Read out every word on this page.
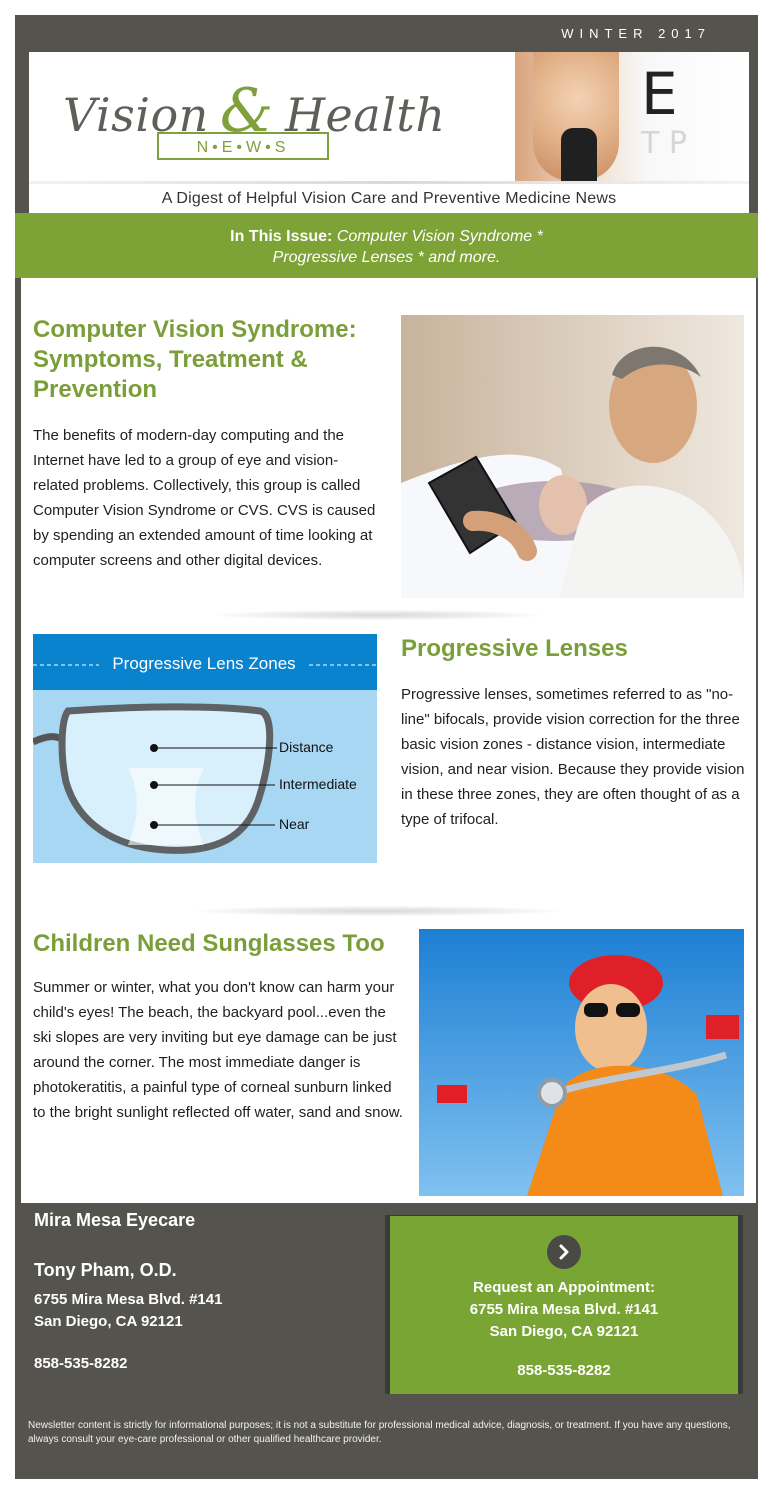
WINTER 2017
Vision & Health
N•E•W•S
E
T P
A Digest of Helpful Vision Care and Preventive Medicine News
In This Issue: Computer Vision Syndrome *
Progressive Lenses * and more.
Computer Vision Syndrome: Symptoms, Treatment & Prevention

The benefits of modern-day computing and the Internet have led to a group of eye and vision-related problems. Collectively, this group is called Computer Vision Syndrome or CVS. CVS is caused by spending an extended amount of time looking at computer screens and other digital devices.

Progressive Lens Zones
Distance
Intermediate
Near
Progressive Lenses

Progressive lenses, sometimes referred to as "no-line" bifocals, provide vision correction for the three basic vision zones - distance vision, intermediate vision, and near vision. Because they provide vision in these three zones, they are often thought of as a type of trifocal.

Children Need Sunglasses Too

Summer or winter, what you don't know can harm your child's eyes! The beach, the backyard pool...even the ski slopes are very inviting but eye damage can be just around the corner. The most immediate danger is photokeratitis, a painful type of corneal sunburn linked to the bright sunlight reflected off water, sand and snow.

Mira Mesa Eyecare
Tony Pham, O.D.
6755 Mira Mesa Blvd. #141
San Diego, CA 92121
858-535-8282
Request an Appointment:
6755 Mira Mesa Blvd. #141
San Diego, CA 92121
858-535-8282
Newsletter content is strictly for informational purposes; it is not a substitute for professional medical advice, diagnosis, or treatment. If you have any questions, always consult your eye-care professional or other qualified healthcare provider.
